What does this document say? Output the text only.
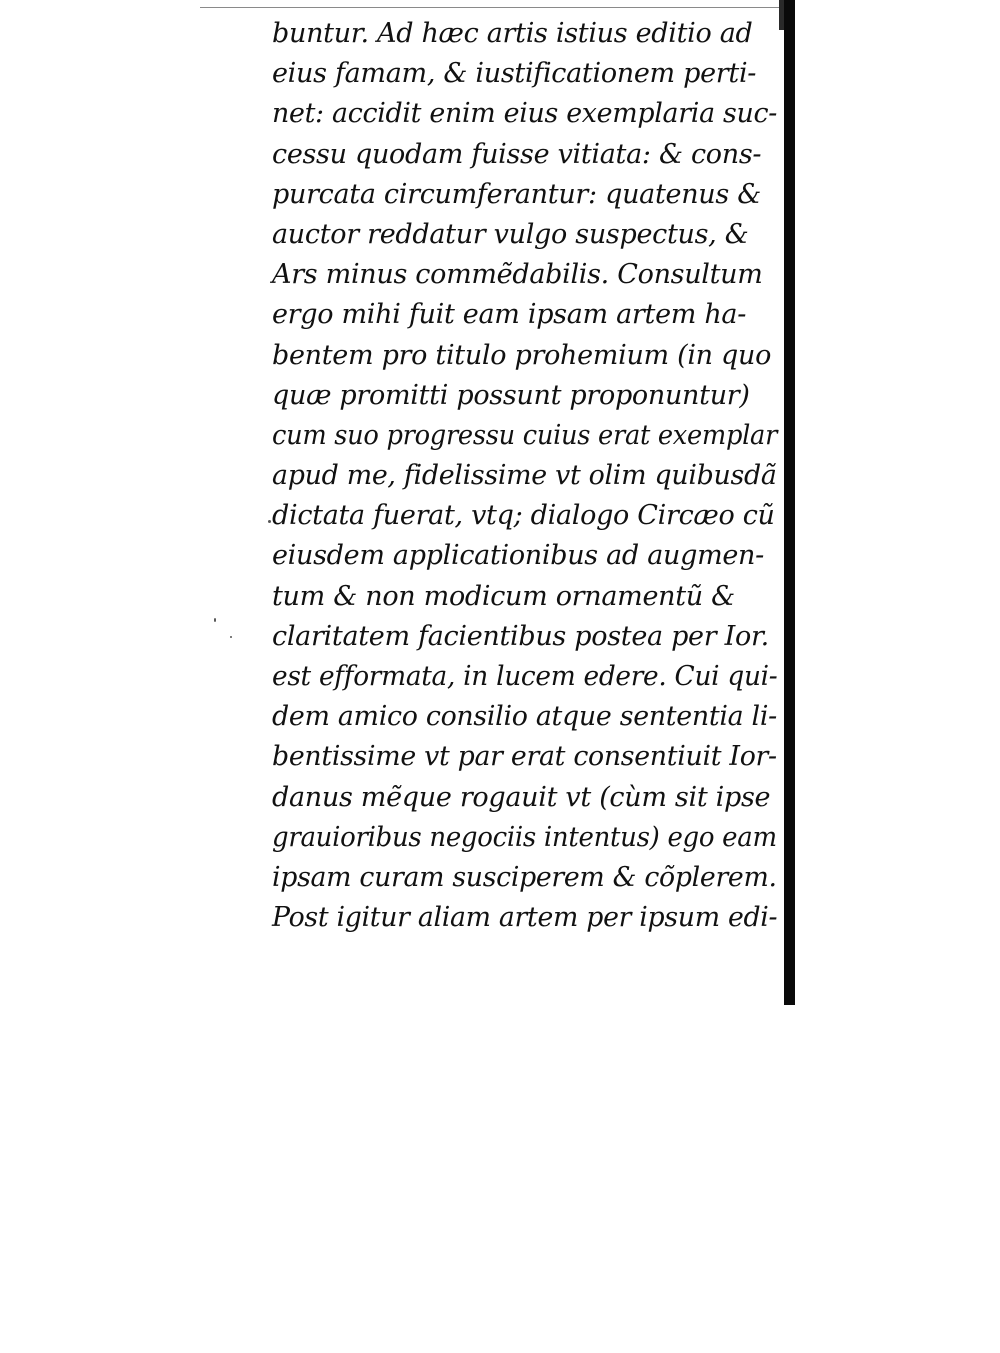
buntur. Ad hæc artis istius editio ad
eius famam, & iustificationem perti-
net: accidit enim eius exemplaria suc-
cessu quodam fuisse vitiata: & cons-
purcata circumferantur: quatenus &
auctor reddatur vulgo suspectus, &
Ars minus commẽdabilis. Consultum
ergo mihi fuit eam ipsam artem ha-
bentem pro titulo prohemium (in quo
quæ promitti possunt proponuntur)
cum suo progressu cuius erat exemplar
apud me, fidelissime vt olim quibusdã
dictata fuerat, vtq; dialogo Circæo cũ
eiusdem applicationibus ad augmen-
tum & non modicum ornamentũ &
claritatem facientibus postea per Ior.
est efformata, in lucem edere. Cui qui-
dem amico consilio atque sententia li-
bentissime vt par erat consentiuit Ior-
danus mẽque rogauit vt (cùm sit ipse
grauioribus negociis intentus) ego eam
ipsam curam susciperem & cõplerem.
Post igitur aliam artem per ipsum edi-
